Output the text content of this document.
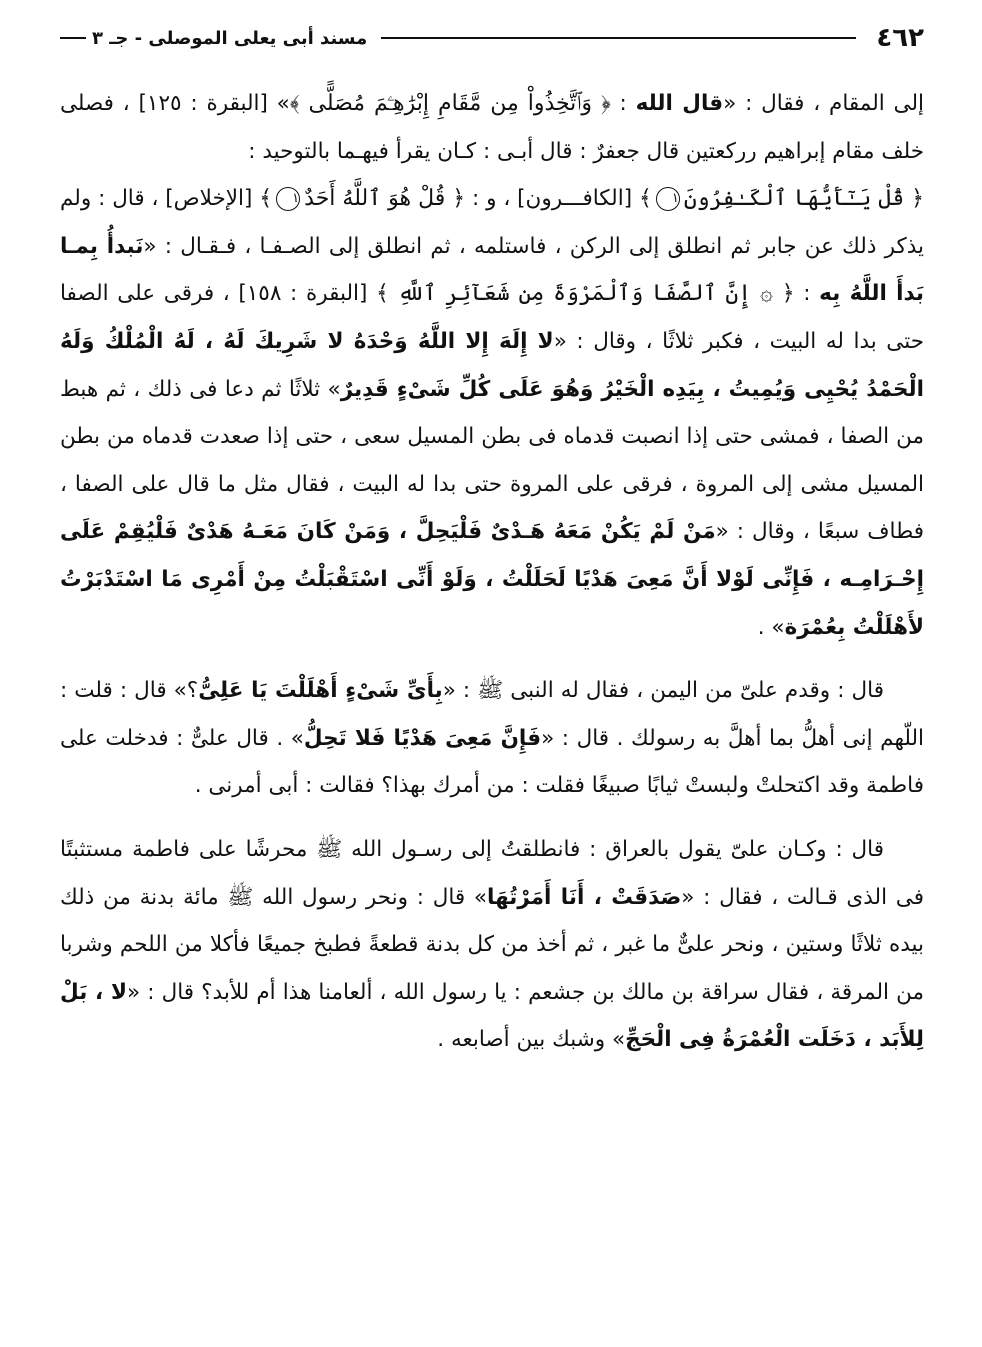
٤٦٢
مسند أبى يعلى الموصلى - جـ ٣

إلى المقام ، فقال : «قال الله : ﴿ وَٱتَّخِذُواْ مِن مَّقَامِ إِبْرَٰهِـۧمَ مُصَلًّى ﴾» [البقرة : ١٢٥] ، فصلى خلف مقام إبراهيم رركعتين قال جعفرٌ : قال أبـى : كـان يقرأ فيهـما بالتوحيد :

﴿ قُلْ يَـٰٓأَيُّهَا ٱلْكَـٰفِرُونَ١﴾ [الكافـــرون] ، و : ﴿ قُلْ هُوَ ٱللَّهُ أَحَدٌ١﴾ [الإخلاص] ، قال : ولم يذكر ذلك عن جابر ثم انطلق إلى الركن ، فاستلمه ، ثم انطلق إلى الصـفـا ، فـقـال : «نَبدأُ بِمـا بَدأَ اللَّهُ بِه : ﴿ ۞ إِنَّ ٱلصَّفَا وَٱلْمَرْوَةَ مِن شَعَآئِرِ ٱللَّهِ ﴾ [البقرة : ١٥٨] ، فرقى على الصفا حتى بدا له البيت ، فكبر ثلاثًا ، وقال : «لا إِلَهَ إِلا اللَّهُ وَحْدَهُ لا شَرِيكَ لَهُ ، لَهُ الْمُلْكُ وَلَهُ الْحَمْدُ يُحْيِى وَيُمِيتُ ، بِيَدِه الْخَيْرُ وَهُوَ عَلَى كُلِّ شَىْءٍ قَدِيرٌ» ثلاثًا ثم دعا فى ذلك ، ثم هبط من الصفا ، فمشى حتى إذا انصبت قدماه فى بطن المسيل سعى ، حتى إذا صعدت قدماه من بطن المسيل مشى إلى المروة ، فرقى على المروة حتى بدا له البيت ، فقال مثل ما قال على الصفا ، فطاف سبعًا ، وقال : «مَنْ لَمْ يَكُنْ مَعَهُ هَـدْىٌ فَلْيَحِلَّ ، وَمَنْ كَانَ مَعَـهُ هَدْىٌ فَلْيُقِمْ عَلَى إِحْـرَامِـه ، فَإِنِّى لَوْلا أَنَّ مَعِىَ هَدْيًا لَحَلَلْتُ ، وَلَوْ أَنِّى اسْتَقْبَلْتُ مِنْ أَمْرِى مَا اسْتَدْبَرْتُ لأَهْلَلْتُ بِعُمْرَة» .

قال : وقدم علىّ من اليمن ، فقال له النبى ﷺ : «بِأَىِّ شَىْءٍ أَهْلَلْتَ يَا عَلِىُّ؟» قال : قلت : اللّهم إنى أهلُّ بما أهلَّ به رسولك . قال : «فَإِنَّ مَعِىَ هَدْيًا فَلا تَحِلُّ» . قال علىٌّ : فدخلت على فاطمة وقد اكتحلتْ ولبستْ ثيابًا صبيغًا فقلت : من أمرك بهذا؟ فقالت : أبى أمرنى .

قال : وكـان علىّ يقول بالعراق : فانطلقتُ إلى رسـول الله ﷺ محرشًا على فاطمة مستثبتًا فى الذى قـالت ، فقال : «صَدَقَتْ ، أَنَا أَمَرْتُهَا» قال : ونحر رسول الله ﷺ مائة بدنة من ذلك بيده ثلاثًا وستين ، ونحر علىٌّ ما غبر ، ثم أخذ من كل بدنة قطعةً فطبخ جميعًا فأكلا من اللحم وشربا من المرقة ، فقال سراقة بن مالك بن جشعم : يا رسول الله ، ألعامنا هذا أم للأبد؟ قال : «لا ، بَلْ لِلأَبَد ، دَخَلَت الْعُمْرَةُ فِى الْحَجِّ» وشبك بين أصابعه .
